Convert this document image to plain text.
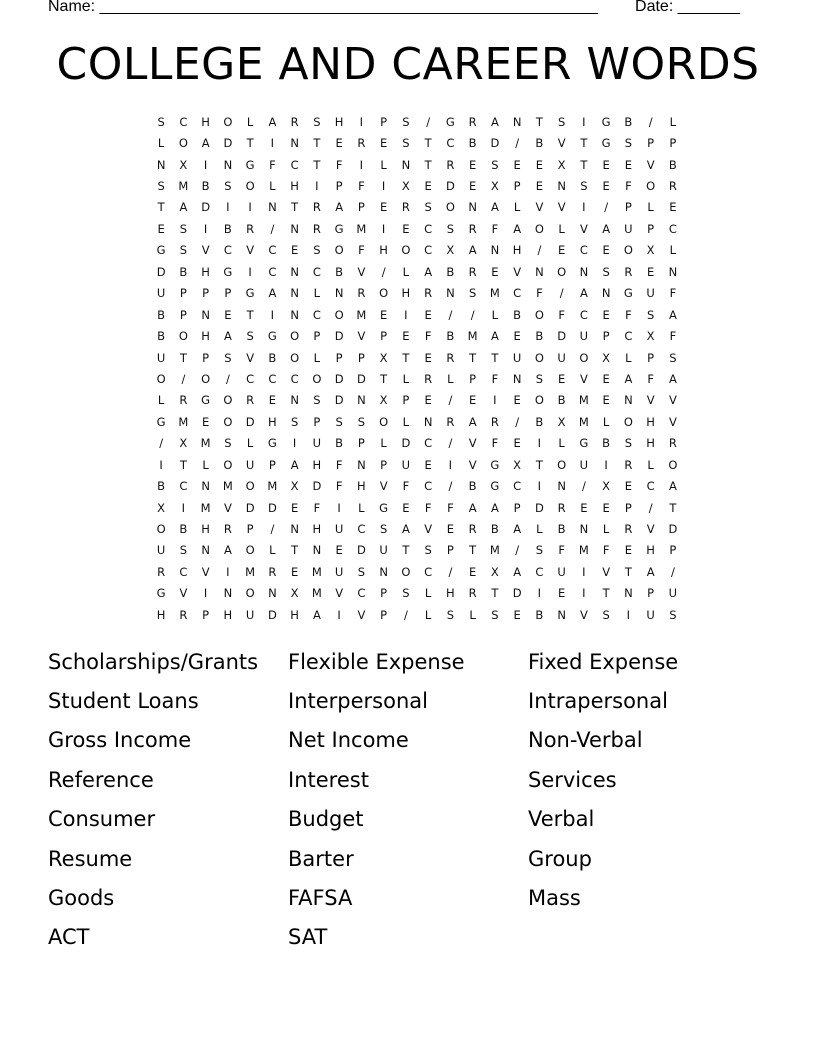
Name: ________________________________________________________ Date: _______
COLLEGE AND CAREER WORDS
S	C	H	O	L	A	R	S	H	I	P	S	/	G	R	A	N	T	S	I	G	B	/	L
L	O	A	D	T	I	N	T	E	R	E	S	T	C	B	D	/	B	V	T	G	S	P	P
N	X	I	N	G	F	C	T	F	I	L	N	T	R	E	S	E	E	X	T	E	E	V	B
S	M	B	S	O	L	H	I	P	F	I	X	E	D	E	X	P	E	N	S	E	F	O	R
T	A	D	I	I	N	T	R	A	P	E	R	S	O	N	A	L	V	V	I	/	P	L	E
E	S	I	B	R	/	N	R	G	M	I	E	C	S	R	F	A	O	L	V	A	U	P	C
G	S	V	C	V	C	E	S	O	F	H	O	C	X	A	N	H	/	E	C	E	O	X	L
D	B	H	G	I	C	N	C	B	V	/	L	A	B	R	E	V	N	O	N	S	R	E	N
U	P	P	P	G	A	N	L	N	R	O	H	R	N	S	M	C	F	/	A	N	G	U	F
B	P	N	E	T	I	N	C	O	M	E	I	E	/	/	L	B	O	F	C	E	F	S	A
B	O	H	A	S	G	O	P	D	V	P	E	F	B	M	A	E	B	D	U	P	C	X	F
U	T	P	S	V	B	O	L	P	P	X	T	E	R	T	T	U	O	U	O	X	L	P	S
O	/	O	/	C	C	C	O	D	D	T	L	R	L	P	F	N	S	E	V	E	A	F	A
L	R	G	O	R	E	N	S	D	N	X	P	E	/	E	I	E	O	B	M	E	N	V	V
G	M	E	O	D	H	S	P	S	S	O	L	N	R	A	R	/	B	X	M	L	O	H	V
/	X	M	S	L	G	I	U	B	P	L	D	C	/	V	F	E	I	L	G	B	S	H	R
I	T	L	O	U	P	A	H	F	N	P	U	E	I	V	G	X	T	O	U	I	R	L	O
B	C	N	M	O	M	X	D	F	H	V	F	C	/	B	G	C	I	N	/	X	E	C	A
X	I	M	V	D	D	E	F	I	L	G	E	F	F	A	A	P	D	R	E	E	P	/	T
O	B	H	R	P	/	N	H	U	C	S	A	V	E	R	B	A	L	B	N	L	R	V	D
U	S	N	A	O	L	T	N	E	D	U	T	S	P	T	M	/	S	F	M	F	E	H	P
R	C	V	I	M	R	E	M	U	S	N	O	C	/	E	X	A	C	U	I	V	T	A	/
G	V	I	N	O	N	X	M	V	C	P	S	L	H	R	T	D	I	E	I	T	N	P	U
H	R	P	H	U	D	H	A	I	V	P	/	L	S	L	S	E	B	N	V	S	I	U	S
Scholarships/Grants	Flexible Expense	Fixed Expense
Student Loans	Interpersonal	Intrapersonal
Gross Income	Net Income	Non-Verbal
Reference	Interest	Services
Consumer	Budget	Verbal
Resume	Barter	Group
Goods	FAFSA	Mass
ACT	SAT
